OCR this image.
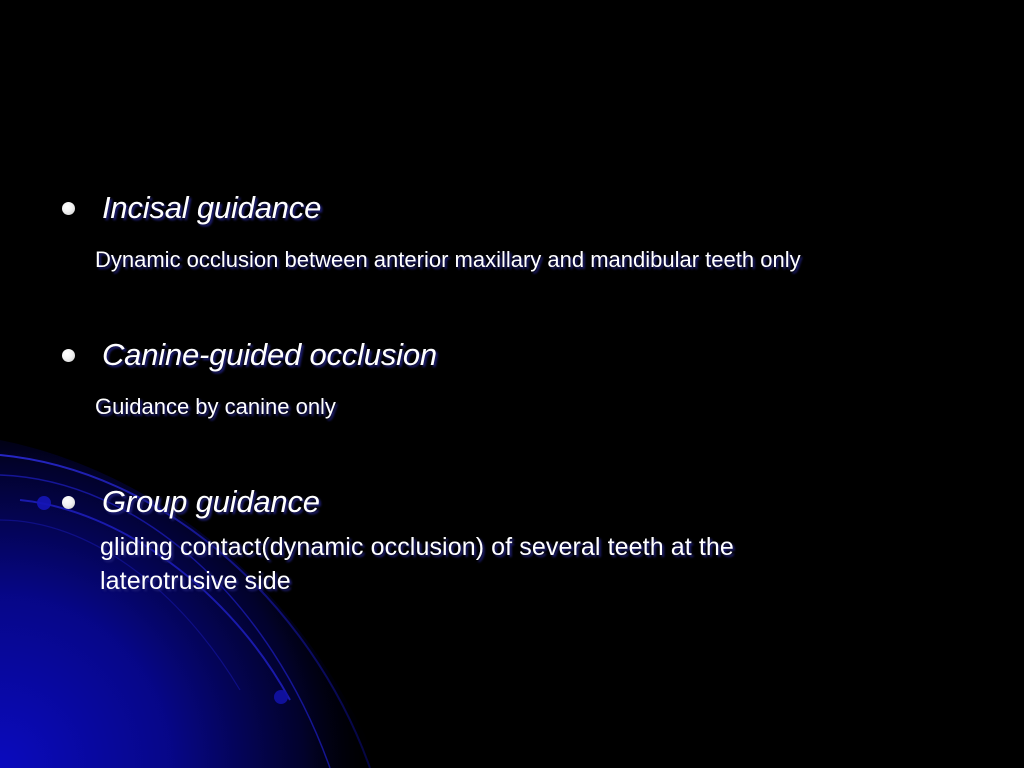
Incisal guidance
Dynamic occlusion between anterior maxillary and mandibular teeth only
Canine-guided occlusion
Guidance by canine only
Group guidance
gliding contact(dynamic occlusion) of several teeth at the
laterotrusive side
